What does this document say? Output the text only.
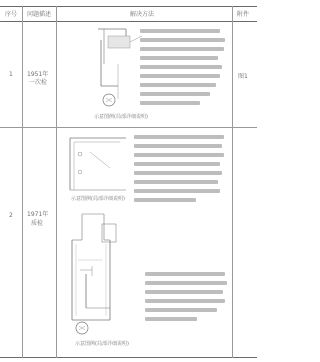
序号 问题描述	解决方法	附件
1 1951年
一次检
示意图例(局部详细说明)
图1
2 1971年
质检
示意图例(局部详细说明)
示意图例(局部详细说明)
